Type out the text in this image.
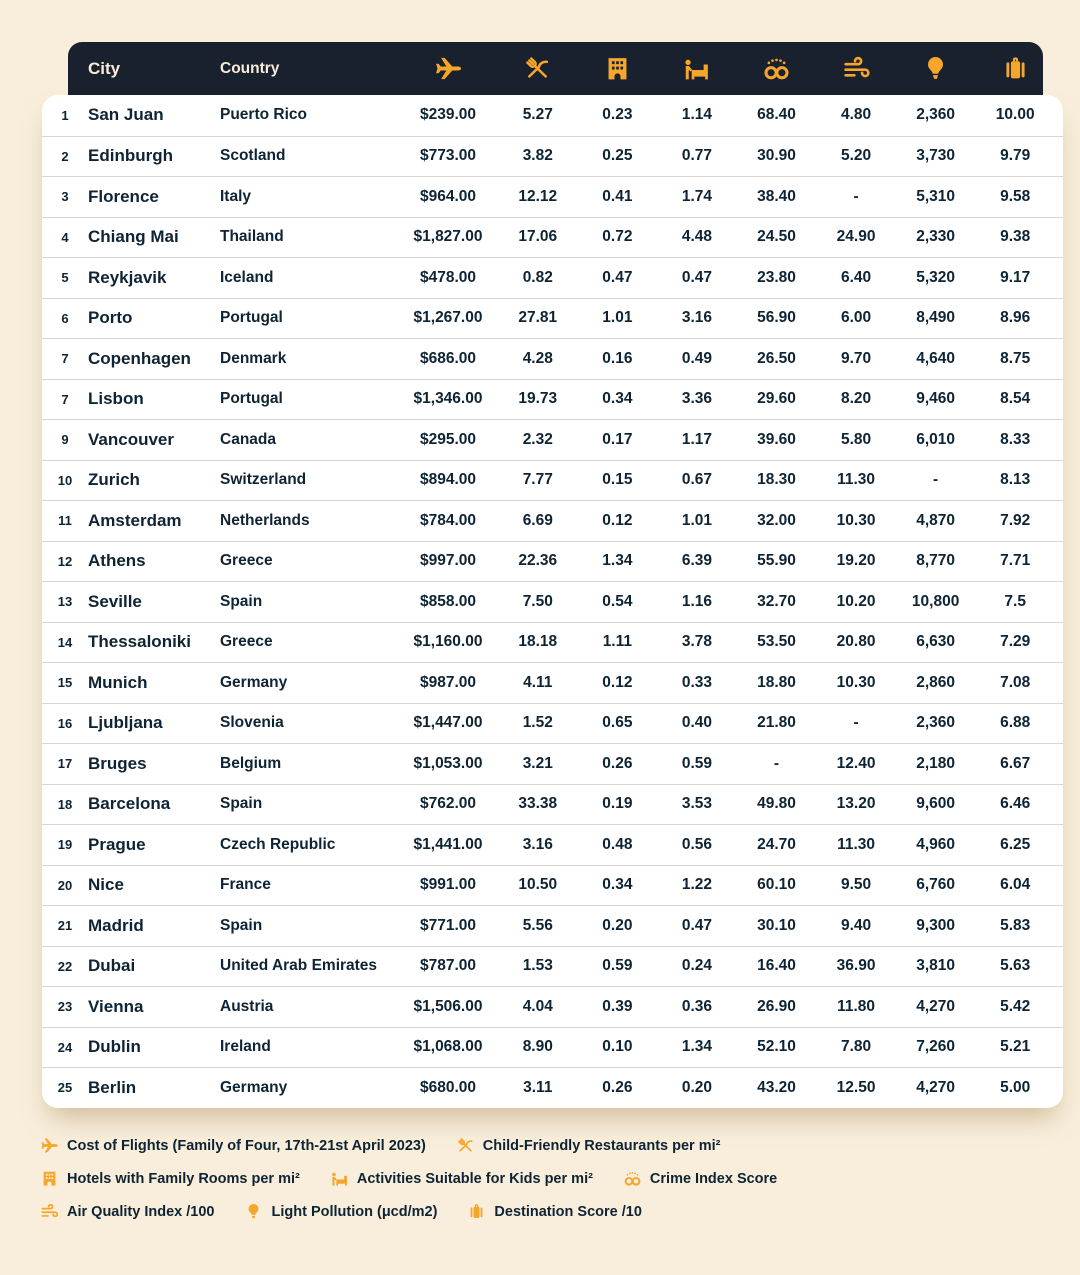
City	Country
1	San Juan	Puerto Rico	$239.00	5.27	0.23	1.14	68.40	4.80	2,360	10.00
2	Edinburgh	Scotland	$773.00	3.82	0.25	0.77	30.90	5.20	3,730	9.79
3	Florence	Italy	$964.00	12.12	0.41	1.74	38.40	-	5,310	9.58
4	Chiang Mai	Thailand	$1,827.00	17.06	0.72	4.48	24.50	24.90	2,330	9.38
5	Reykjavik	Iceland	$478.00	0.82	0.47	0.47	23.80	6.40	5,320	9.17
6	Porto	Portugal	$1,267.00	27.81	1.01	3.16	56.90	6.00	8,490	8.96
7	Copenhagen	Denmark	$686.00	4.28	0.16	0.49	26.50	9.70	4,640	8.75
7	Lisbon	Portugal	$1,346.00	19.73	0.34	3.36	29.60	8.20	9,460	8.54
9	Vancouver	Canada	$295.00	2.32	0.17	1.17	39.60	5.80	6,010	8.33
10 Zurich	Switzerland	$894.00	7.77	0.15	0.67	18.30	11.30	-	8.13
11 Amsterdam	Netherlands	$784.00	6.69	0.12	1.01	32.00	10.30	4,870	7.92
12 Athens	Greece	$997.00	22.36	1.34	6.39	55.90	19.20	8,770	7.71
13 Seville	Spain	$858.00	7.50	0.54	1.16	32.70	10.20	10,800	7.5
14 Thessaloniki	Greece	$1,160.00	18.18	1.11	3.78	53.50	20.80	6,630	7.29
15 Munich	Germany	$987.00	4.11	0.12	0.33	18.80	10.30	2,860	7.08
16 Ljubljana	Slovenia	$1,447.00	1.52	0.65	0.40	21.80	-	2,360	6.88
17 Bruges	Belgium	$1,053.00	3.21	0.26	0.59	-	12.40	2,180	6.67
18 Barcelona	Spain	$762.00	33.38	0.19	3.53	49.80	13.20	9,600	6.46
19 Prague	Czech Republic	$1,441.00	3.16	0.48	0.56	24.70	11.30	4,960	6.25
20 Nice	France	$991.00	10.50	0.34	1.22	60.10	9.50	6,760	6.04
21 Madrid	Spain	$771.00	5.56	0.20	0.47	30.10	9.40	9,300	5.83
22 Dubai	United Arab Emirates	$787.00	1.53	0.59	0.24	16.40	36.90	3,810	5.63
23 Vienna	Austria	$1,506.00	4.04	0.39	0.36	26.90	11.80	4,270	5.42
24 Dublin	Ireland	$1,068.00	8.90	0.10	1.34	52.10	7.80	7,260	5.21
25 Berlin	Germany	$680.00	3.11	0.26	0.20	43.20	12.50	4,270	5.00
Cost of Flights (Family of Four, 17th-21st April 2023)	Child-Friendly Restaurants per mi²
Hotels with Family Rooms per mi²	Activities Suitable for Kids per mi²	Crime Index Score
Air Quality Index /100	Light Pollution (μcd/m2)	Destination Score /10
